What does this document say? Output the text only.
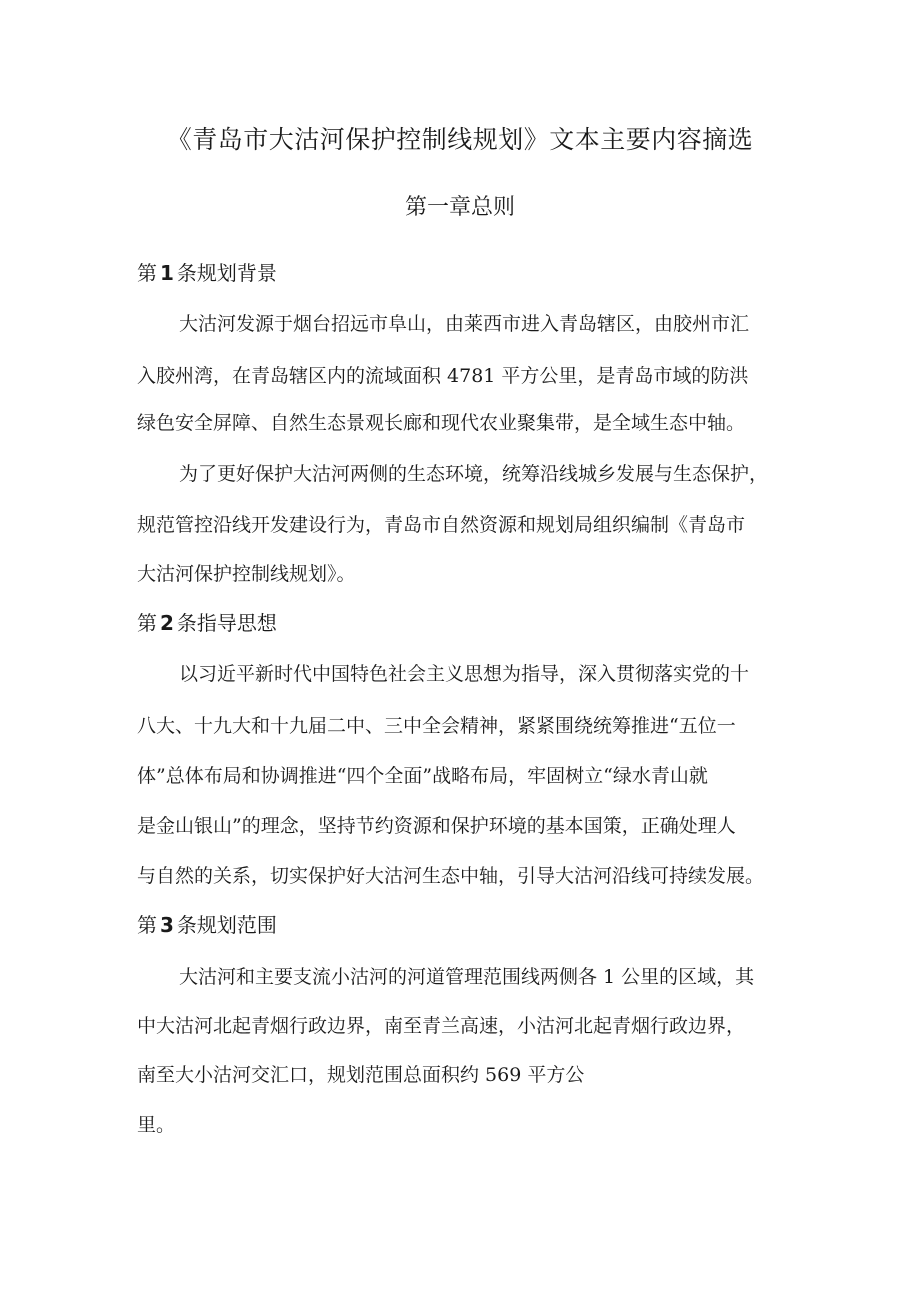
《青岛市大沽河保护控制线规划》文本主要内容摘选
第一章总则
第 1 条规划背景
大沽河发源于烟台招远市阜山，由莱西市进入青岛辖区，由胶州市汇
入胶州湾，在青岛辖区内的流域面积 4781 平方公里，是青岛市域的防洪
绿色安全屏障、自然生态景观长廊和现代农业聚集带，是全域生态中轴。
为了更好保护大沽河两侧的生态环境，统筹沿线城乡发展与生态保护，
规范管控沿线开发建设行为，青岛市自然资源和规划局组织编制《青岛市
大沽河保护控制线规划》。
第 2 条指导思想
以习近平新时代中国特色社会主义思想为指导，深入贯彻落实党的十
八大、十九大和十九届二中、三中全会精神，紧紧围绕统筹推进“五位一
体”总体布局和协调推进“四个全面”战略布局，牢固树立“绿水青山就
是金山银山”的理念，坚持节约资源和保护环境的基本国策，正确处理人
与自然的关系，切实保护好大沽河生态中轴，引导大沽河沿线可持续发展。
第 3 条规划范围
大沽河和主要支流小沽河的河道管理范围线两侧各 1 公里的区域，其
中大沽河北起青烟行政边界，南至青兰高速，小沽河北起青烟行政边界，
南至大小沽河交汇口，规划范围总面积约 569 平方公
里。
